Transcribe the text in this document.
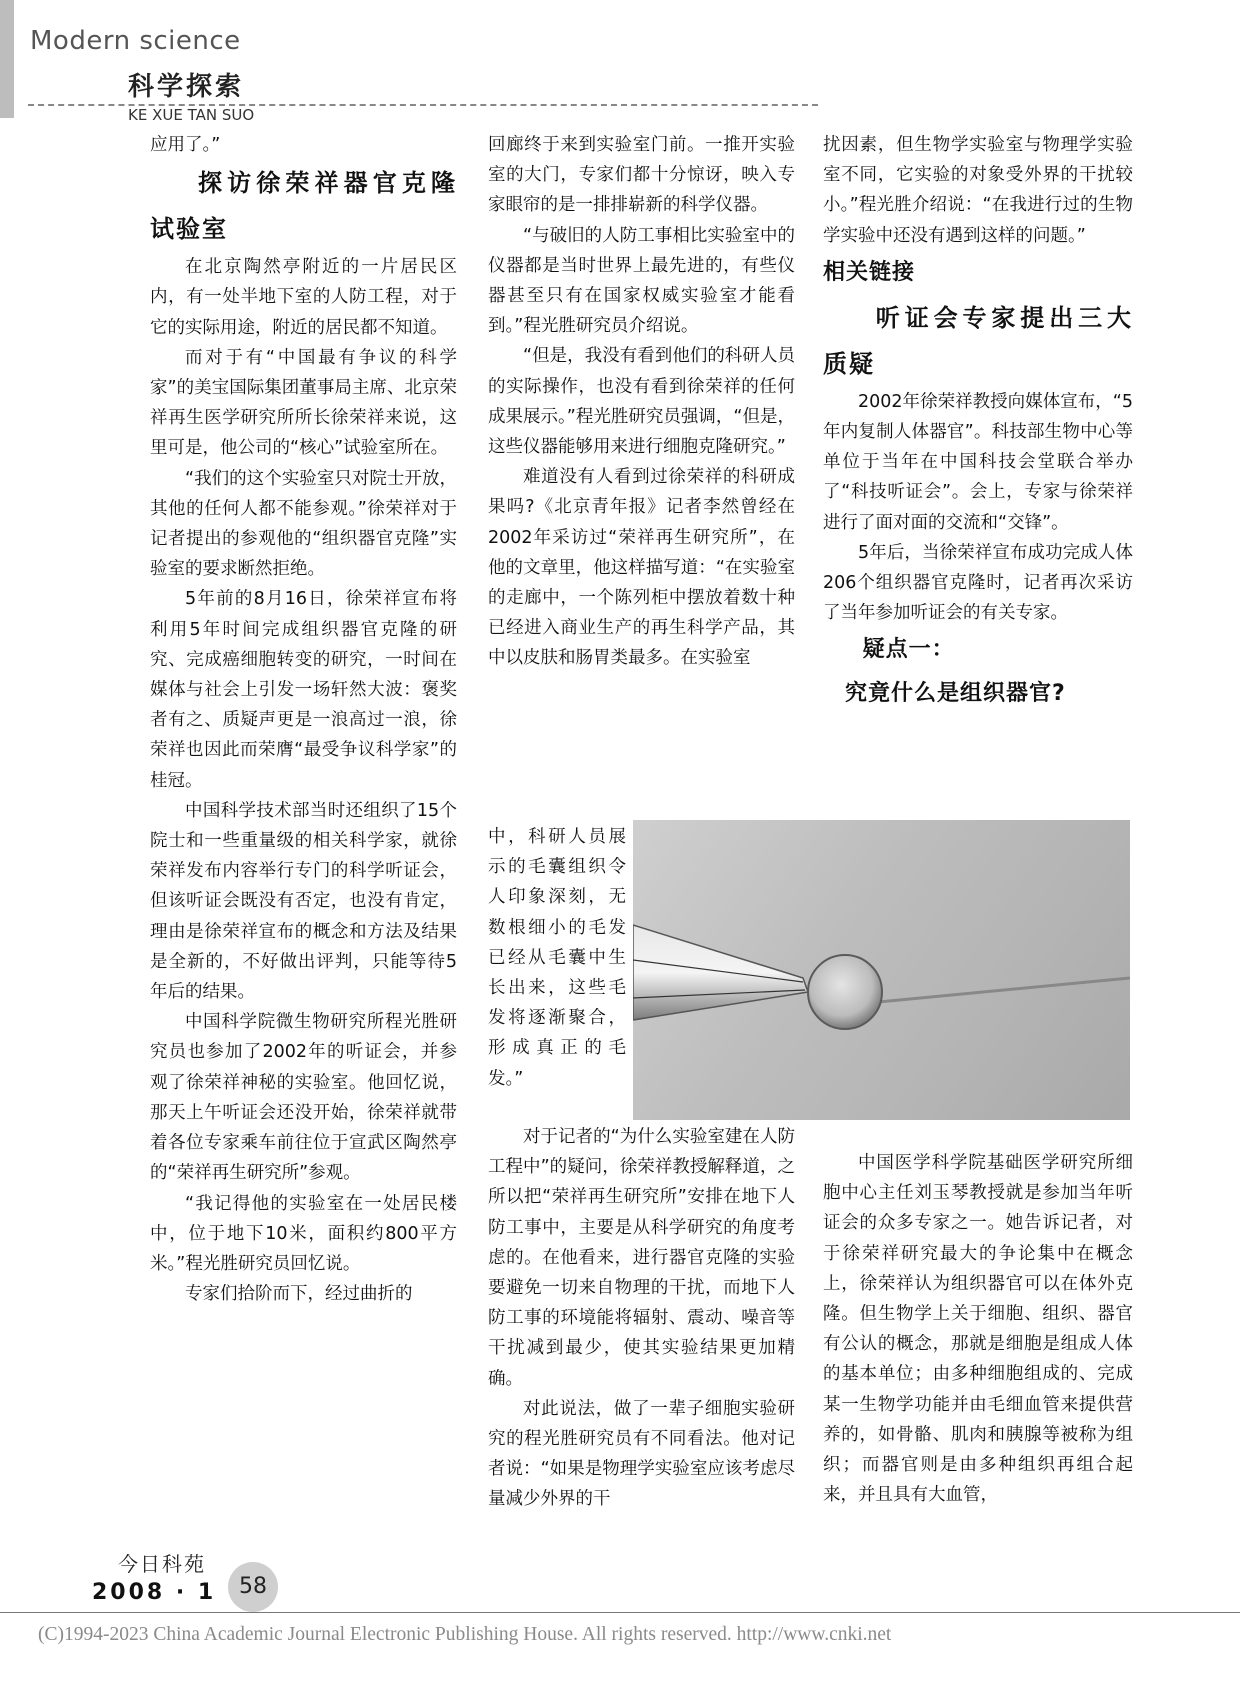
Modern science
科学探索
KE XUE TAN SUO

应用了。”

探访徐荣祥器官克隆试验室

在北京陶然亭附近的一片居民区内，有一处半地下室的人防工程，对于它的实际用途，附近的居民都不知道。

而对于有“中国最有争议的科学家”的美宝国际集团董事局主席、北京荣祥再生医学研究所所长徐荣祥来说，这里可是，他公司的“核心”试验室所在。

“我们的这个实验室只对院士开放，其他的任何人都不能参观。”徐荣祥对于记者提出的参观他的“组织器官克隆”实验室的要求断然拒绝。

5年前的8月16日，徐荣祥宣布将利用5年时间完成组织器官克隆的研究、完成癌细胞转变的研究，一时间在媒体与社会上引发一场轩然大波：褒奖者有之、质疑声更是一浪高过一浪，徐荣祥也因此而荣膺“最受争议科学家”的桂冠。

中国科学技术部当时还组织了15个院士和一些重量级的相关科学家，就徐荣祥发布内容举行专门的科学听证会，但该听证会既没有否定，也没有肯定，理由是徐荣祥宣布的概念和方法及结果是全新的，不好做出评判，只能等待5年后的结果。

中国科学院微生物研究所程光胜研究员也参加了2002年的听证会，并参观了徐荣祥神秘的实验室。他回忆说，那天上午听证会还没开始，徐荣祥就带着各位专家乘车前往位于宣武区陶然亭的“荣祥再生研究所”参观。

“我记得他的实验室在一处居民楼中，位于地下10米，面积约800平方米。”程光胜研究员回忆说。

专家们拾阶而下，经过曲折的

回廊终于来到实验室门前。一推开实验室的大门，专家们都十分惊讶，映入专家眼帘的是一排排崭新的科学仪器。

“与破旧的人防工事相比实验室中的仪器都是当时世界上最先进的，有些仪器甚至只有在国家权威实验室才能看到。”程光胜研究员介绍说。

“但是，我没有看到他们的科研人员的实际操作，也没有看到徐荣祥的任何成果展示。”程光胜研究员强调，“但是，这些仪器能够用来进行细胞克隆研究。”

难道没有人看到过徐荣祥的科研成果吗?《北京青年报》记者李然曾经在2002年采访过“荣祥再生研究所”，在他的文章里，他这样描写道：“在实验室的走廊中，一个陈列柜中摆放着数十种已经进入商业生产的再生科学产品，其中以皮肤和肠胃类最多。在实验室

中，科研人员展示的毛囊组织令人印象深刻，无数根细小的毛发已经从毛囊中生长出来，这些毛发将逐渐聚合，形成真正的毛发。”

对于记者的“为什么实验室建在人防工程中”的疑问，徐荣祥教授解释道，之所以把“荣祥再生研究所”安排在地下人防工事中，主要是从科学研究的角度考虑的。在他看来，进行器官克隆的实验要避免一切来自物理的干扰，而地下人防工事的环境能将辐射、震动、噪音等干扰减到最少，使其实验结果更加精确。

对此说法，做了一辈子细胞实验研究的程光胜研究员有不同看法。他对记者说：“如果是物理学实验室应该考虑尽量减少外界的干

扰因素，但生物学实验室与物理学实验室不同，它实验的对象受外界的干扰较小。”程光胜介绍说：“在我进行过的生物学实验中还没有遇到这样的问题。”

相关链接
听证会专家提出三大质疑

2002年徐荣祥教授向媒体宣布，“5年内复制人体器官”。科技部生物中心等单位于当年在中国科技会堂联合举办了“科技听证会”。会上，专家与徐荣祥进行了面对面的交流和“交锋”。

5年后，当徐荣祥宣布成功完成人体206个组织器官克隆时，记者再次采访了当年参加听证会的有关专家。

疑点一：
究竟什么是组织器官?

中国医学科学院基础医学研究所细胞中心主任刘玉琴教授就是参加当年听证会的众多专家之一。她告诉记者，对于徐荣祥研究最大的争论集中在概念上，徐荣祥认为组织器官可以在体外克隆。但生物学上关于细胞、组织、器官有公认的概念，那就是细胞是组成人体的基本单位；由多种细胞组成的、完成某一生物学功能并由毛细血管来提供营养的，如骨骼、肌肉和胰腺等被称为组织；而器官则是由多种组织再组合起来，并且具有大血管，

今日科苑
2008 · 1	58
(C)1994-2023 China Academic Journal Electronic Publishing House. All rights reserved. http://www.cnki.net
